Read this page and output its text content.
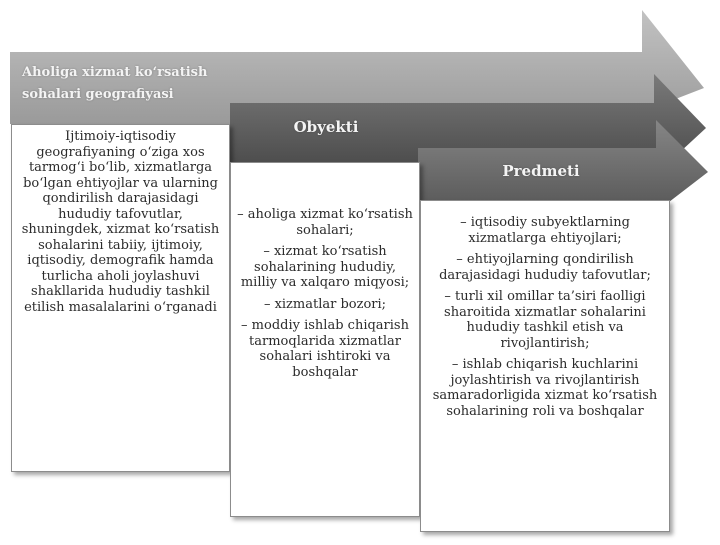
Aholiga xizmat ko‘rsatish
sohalari geografiyasi
Obyekti
Predmeti
Ijtimoiy-iqtisodiy geografiyaning o‘ziga xos tarmog‘i bo‘lib, xizmatlarga bo‘lgan ehtiyojlar va ularning qondirilish darajasidagi hududiy tafovutlar, shuningdek, xizmat ko‘rsatish sohalarini tabiiy, ijtimoiy, iqtisodiy, demografik hamda turlicha aholi joylashuvi shakllarida hududiy tashkil etilish masalalarini o‘rganadi
– aholiga xizmat ko‘rsatish sohalari;
– xizmat ko‘rsatish sohalarining hududiy, milliy va xalqaro miqyosi;
– xizmatlar bozori;
– moddiy ishlab chiqarish tarmoqlarida xizmatlar sohalari ishtiroki va boshqalar
– iqtisodiy subyektlarning xizmatlarga ehtiyojlari;
– ehtiyojlarning qondirilish darajasidagi hududiy tafovutlar;
– turli xil omillar ta’siri faolligi sharoitida xizmatlar sohalarini hududiy tashkil etish va rivojlantirish;
– ishlab chiqarish kuchlarini joylashtirish va rivojlantirish samaradorligida xizmat ko‘rsatish sohalarining roli va boshqalar
